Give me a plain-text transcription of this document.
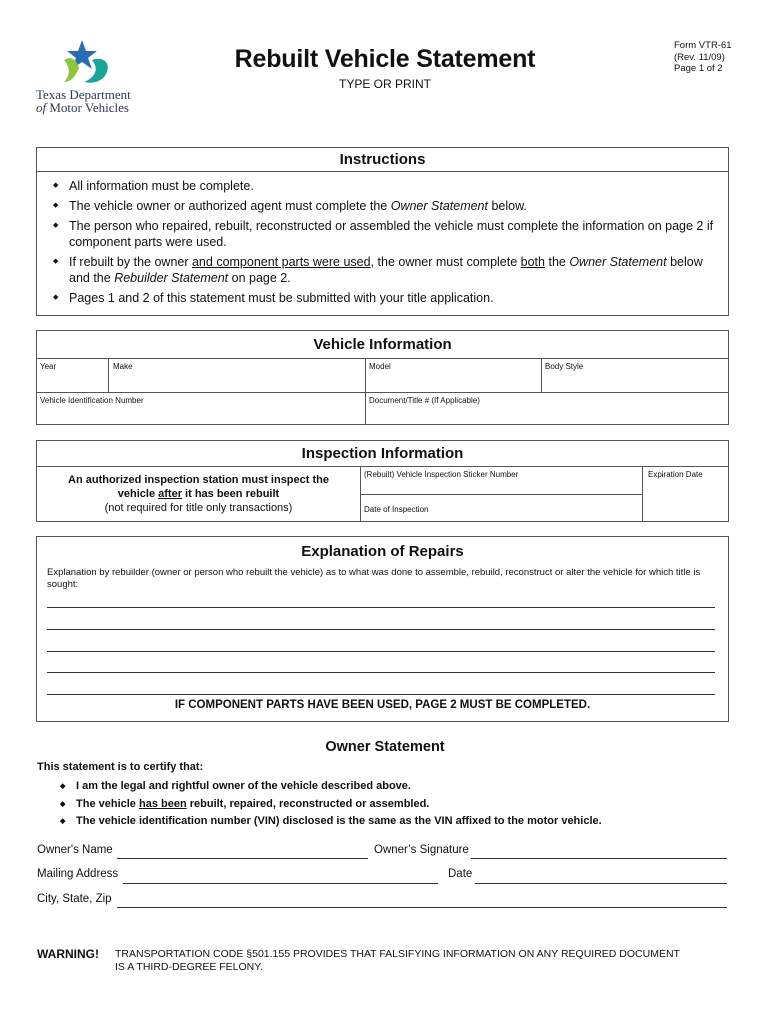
Texas Department
of Motor Vehicles
Rebuilt Vehicle Statement
TYPE OR PRINT
Form VTR-61
(Rev. 11/09)
Page 1 of 2
Instructions
◆ All information must be complete.
◆ The vehicle owner or authorized agent must complete the Owner Statement below.
◆ The person who repaired, rebuilt, reconstructed or assembled the vehicle must complete the information on page 2 if component parts were used.
◆ If rebuilt by the owner and component parts were used, the owner must complete both the Owner Statement below and the Rebuilder Statement on page 2.
◆ Pages 1 and 2 of this statement must be submitted with your title application.
Vehicle Information
Year	Make	Model	Body Style
Vehicle Identification Number	Document/Title # (If Applicable)
Inspection Information
An authorized inspection station must inspect the
vehicle after it has been rebuilt
(not required for title only transactions)
(Rebuilt) Vehicle Inspection Sticker Number
Date of Inspection
Expiration Date
Explanation of Repairs
Explanation by rebuilder (owner or person who rebuilt the vehicle) as to what was done to assemble, rebuild, reconstruct or alter the vehicle for which title is sought:
IF COMPONENT PARTS HAVE BEEN USED, PAGE 2 MUST BE COMPLETED.
Owner Statement
This statement is to certify that:
◆ I am the legal and rightful owner of the vehicle described above.
◆ The vehicle has been rebuilt, repaired, reconstructed or assembled.
◆ The vehicle identification number (VIN) disclosed is the same as the VIN affixed to the motor vehicle.
Owner's Name	Owner’s Signature
Mailing Address	Date
City, State, Zip
WARNING! TRANSPORTATION CODE §501.155 PROVIDES THAT FALSIFYING INFORMATION ON ANY REQUIRED DOCUMENT
IS A THIRD-DEGREE FELONY.
